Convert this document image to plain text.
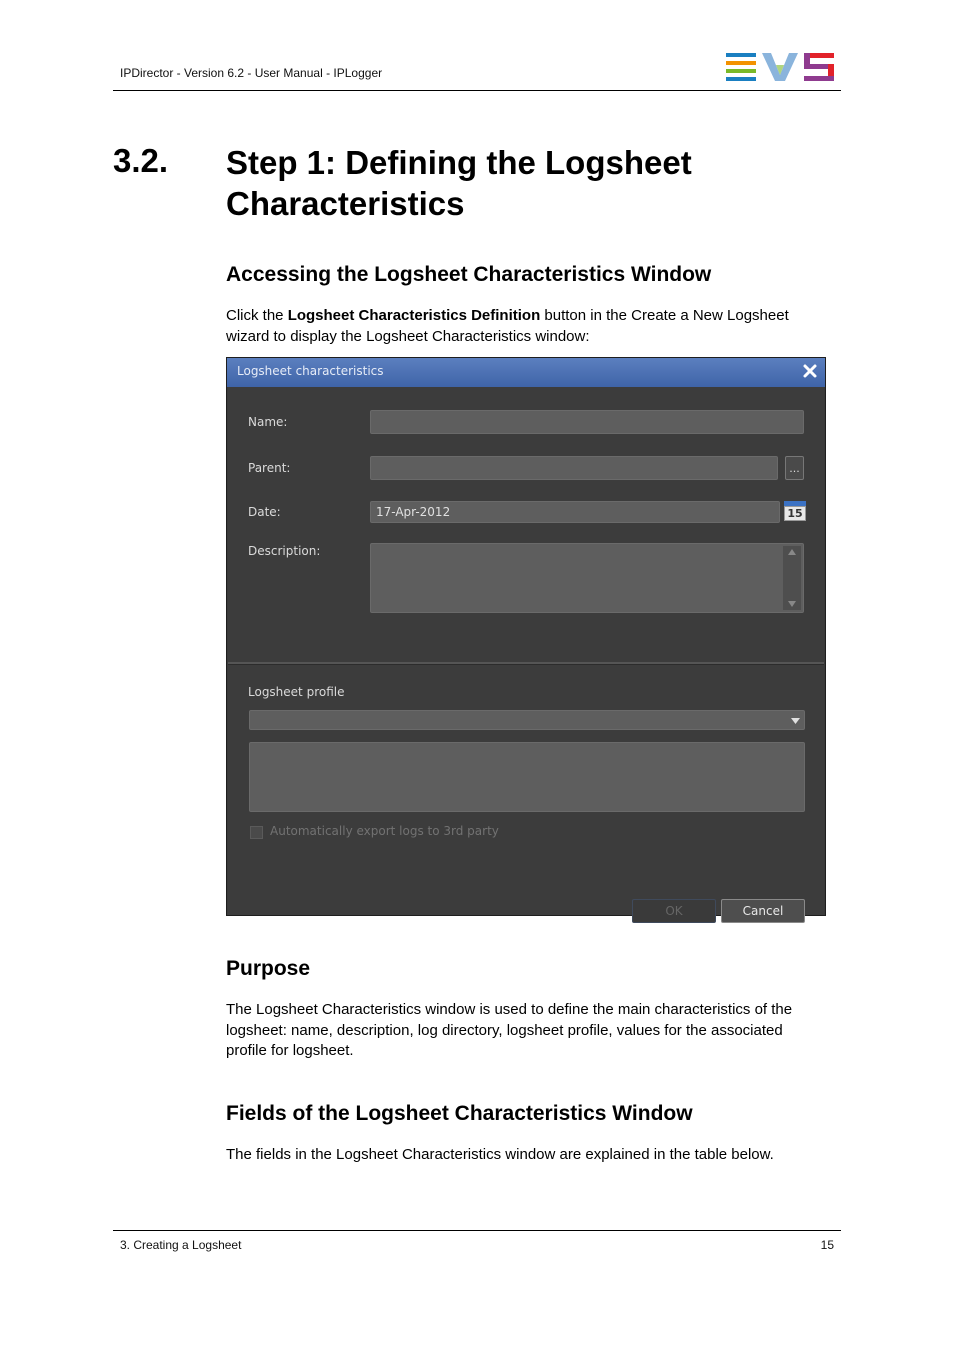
IPDirector - Version 6.2 - User Manual - IPLogger
3.2. Step 1: Defining the Logsheet Characteristics
Accessing the Logsheet Characteristics Window
Click the Logsheet Characteristics Definition button in the Create a New Logsheet wizard to display the Logsheet Characteristics window:
Logsheet characteristics
Name:
Parent:	...
Date:	17-Apr-2012	15
Description:
Logsheet profile
Automatically export logs to 3rd party
OK	Cancel
Purpose
The Logsheet Characteristics window is used to define the main characteristics of the logsheet: name, description, log directory, logsheet profile, values for the associated profile for logsheet.
Fields of the Logsheet Characteristics Window
The fields in the Logsheet Characteristics window are explained in the table below.
3. Creating a Logsheet	15
